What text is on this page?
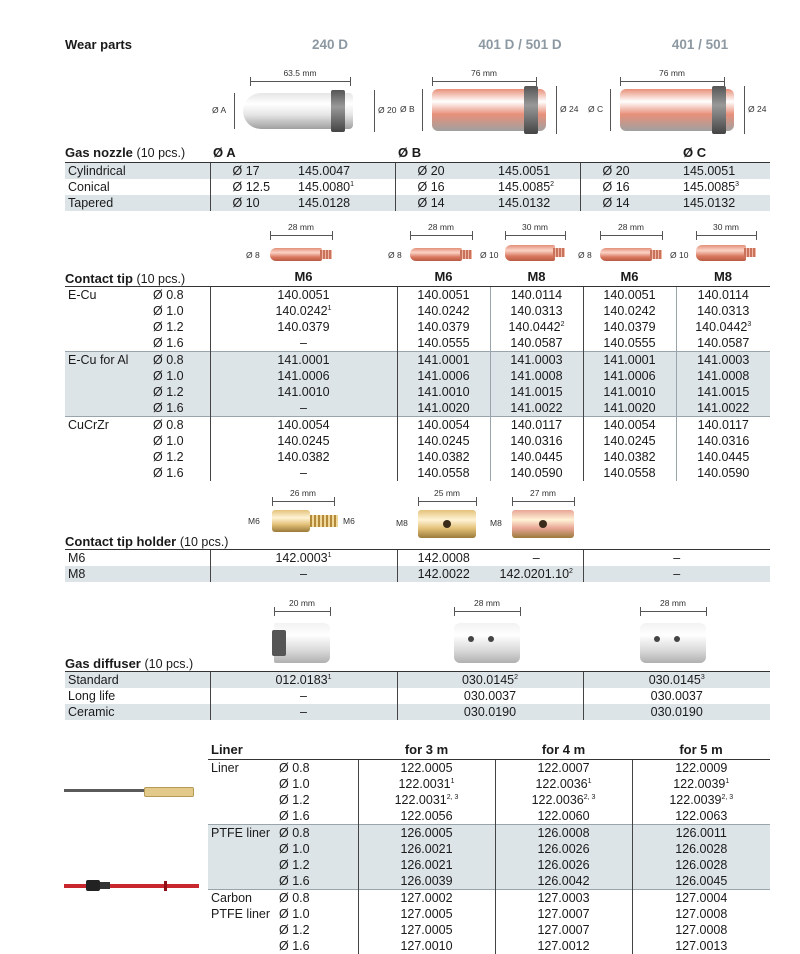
Wear parts	240 D	401 D / 501 D	401 / 501
63.5 mm
Ø A	Ø 20
76 mm
Ø B	Ø 24
76 mm
Ø C	Ø 24
Gas nozzle (10 pcs.)
	Ø A		Ø B			Ø C
Cylindrical	Ø 17	145.0047	Ø 20	145.0051	Ø 20	145.0051
Conical	Ø 12.5	145.0080$^1$	Ø 16	145.0085$^2$	Ø 16	145.0085$^3$
Tapered	Ø 10	145.0128	Ø 14	145.0132	Ø 14	145.0132
28 mm
Ø 8
28 mm
Ø 8
30 mm
Ø 10
28 mm
Ø 8
30 mm
Ø 10
Contact tip (10 pcs.)
			M6	M6	M8	M6	M8
E-Cu	Ø 0.8	140.0051	140.0051	140.0114	140.0051	140.0114
	Ø 1.0	140.0242$^1$	140.0242	140.0313	140.0242	140.0313
	Ø 1.2	140.0379	140.0379	140.0442$^2$	140.0379	140.0442$^3$
	Ø 1.6	–	140.0555	140.0587	140.0555	140.0587
E-Cu for Al	Ø 0.8	141.0001	141.0001	141.0003	141.0001	141.0003
	Ø 1.0	141.0006	141.0006	141.0008	141.0006	141.0008
	Ø 1.2	141.0010	141.0010	141.0015	141.0010	141.0015
	Ø 1.6	–	141.0020	141.0022	141.0020	141.0022
CuCrZr	Ø 0.8	140.0054	140.0054	140.0117	140.0054	140.0117
	Ø 1.0	140.0245	140.0245	140.0316	140.0245	140.0316
	Ø 1.2	140.0382	140.0382	140.0445	140.0382	140.0445
	Ø 1.6	–	140.0558	140.0590	140.0558	140.0590
26 mm
M6	M6
25 mm
M8
27 mm
M8
Contact tip holder (10 pcs.)
M6	142.0003$^1$	142.0008	–	–
M8	–	142.0022	142.0201.10$^2$	–
20 mm	28 mm	28 mm
Gas diffuser (10 pcs.)
Standard	012.0183$^1$	030.0145$^2$	030.0145$^3$
Long life	–	030.0037	030.0037
Ceramic	–	030.0190	030.0190
Liner		for 3 m	for 4 m	for 5 m
Liner	Ø 0.8	122.0005	122.0007	122.0009
	Ø 1.0	122.0031$^1$	122.0036$^1$	122.0039$^1$
	Ø 1.2	122.0031$^{2, 3}$	122.0036$^{2, 3}$	122.0039$^{2, 3}$
	Ø 1.6	122.0056	122.0060	122.0063
PTFE liner	Ø 0.8	126.0005	126.0008	126.0011
	Ø 1.0	126.0021	126.0026	126.0028
	Ø 1.2	126.0021	126.0026	126.0028
	Ø 1.6	126.0039	126.0042	126.0045
Carbon	Ø 0.8	127.0002	127.0003	127.0004
PTFE liner	Ø 1.0	127.0005	127.0007	127.0008
	Ø 1.2	127.0005	127.0007	127.0008
	Ø 1.6	127.0010	127.0012	127.0013
